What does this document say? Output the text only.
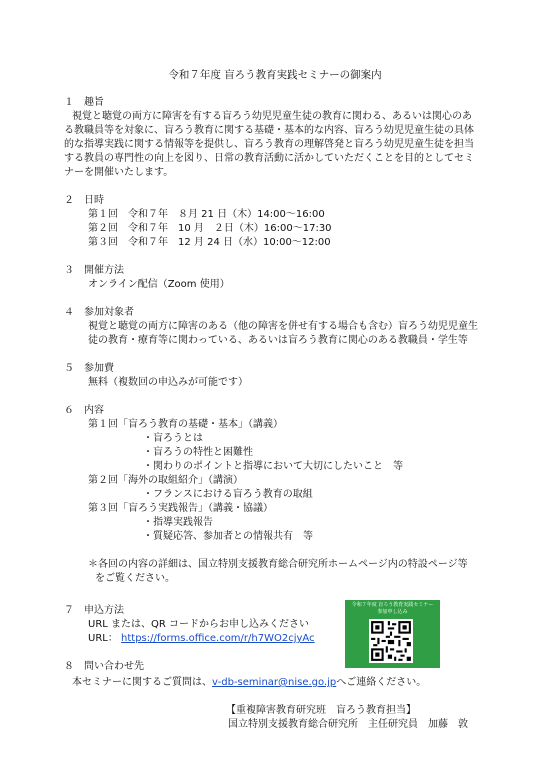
令和７年度 盲ろう教育実践セミナーの御案内
１　趣旨
視覚と聴覚の両方に障害を有する盲ろう幼児児童生徒の教育に関わる、あるいは関心のあ
る教職員等を対象に、盲ろう教育に関する基礎・基本的な内容、盲ろう幼児児童生徒の具体
的な指導実践に関する情報等を提供し、盲ろう教育の理解啓発と盲ろう幼児児童生徒を担当
する教員の専門性の向上を図り、日常の教育活動に活かしていただくことを目的としてセミ
ナーを開催いたします。
２　日時
第１回　令和７年　８月 21 日（木）14:00〜16:00
第２回　令和７年　10 月　２日（木）16:00〜17:30
第３回　令和７年　12 月 24 日（水）10:00〜12:00
３　開催方法
オンライン配信（Zoom 使用）
４　参加対象者
視覚と聴覚の両方に障害のある（他の障害を併せ有する場合も含む）盲ろう幼児児童生
徒の教育・療育等に関わっている、あるいは盲ろう教育に関心のある教職員・学生等
５　参加費
無料（複数回の申込みが可能です）
６　内容
第１回「盲ろう教育の基礎・基本」（講義）
・盲ろうとは
・盲ろうの特性と困難性
・関わりのポイントと指導において大切にしたいこと　等
第２回「海外の取組紹介」（講演）
・フランスにおける盲ろう教育の取組
第３回「盲ろう実践報告」（講義・協議）
・指導実践報告
・質疑応答、参加者との情報共有　等
＊各回の内容の詳細は、国立特別支援教育総合研究所ホームページ内の特設ページ等
をご覧ください。
７　申込方法
URL または、QR コードからお申し込みください
URL： https://forms.office.com/r/h7WO2cjyAc
令和７年度 盲ろう教育実践セミナー
参加申し込み
８　問い合わせ先
本セミナーに関するご質問は、v-db-seminar@nise.go.jpへご連絡ください。
【重複障害教育研究班　盲ろう教育担当】
国立特別支援教育総合研究所　主任研究員　加藤　敦
